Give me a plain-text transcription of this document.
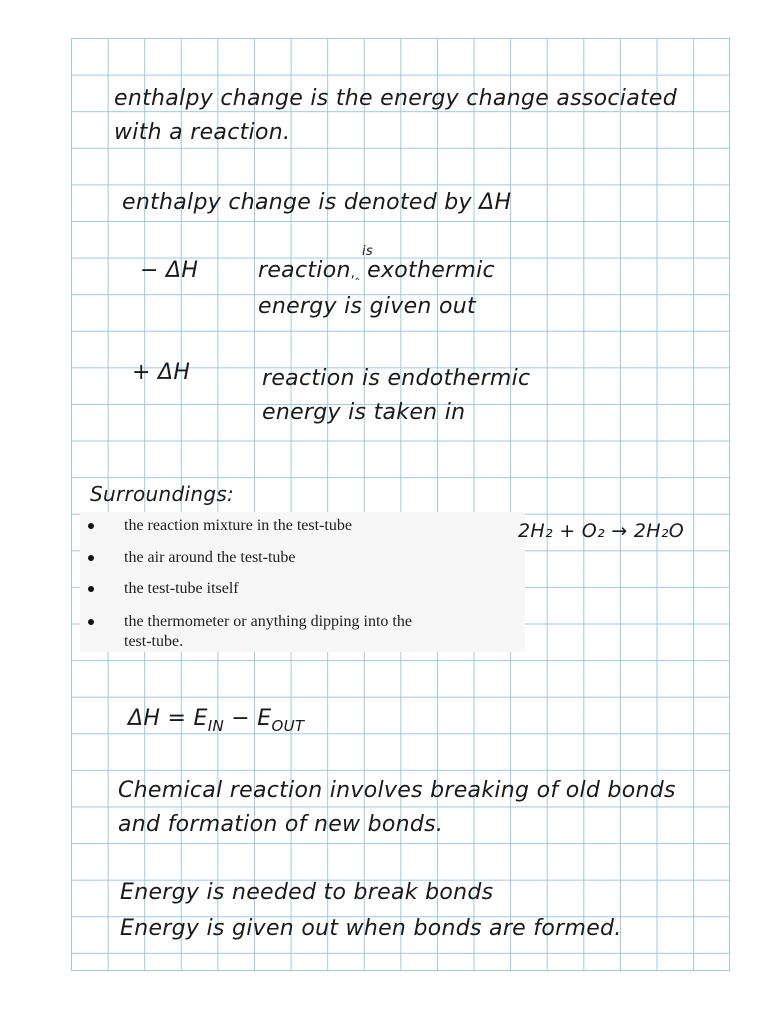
enthalpy change is the energy change associated
with a reaction.
enthalpy change is denoted by ΔH
− ΔH
is
reaction,‸ exothermic
energy is given out
+ ΔH	reaction is endothermic
energy is taken in
Surroundings:
the reaction mixture in the test-tube
the air around the test-tube
the test-tube itself
the thermometer or anything dipping into the
test-tube.
2H₂ + O₂ → 2H₂O
$\Delta H = E_{IN} - E_{OUT}$
Chemical reaction involves breaking of old bonds
and formation of new bonds.
Energy is needed to break bonds
Energy is given out when bonds are formed.
